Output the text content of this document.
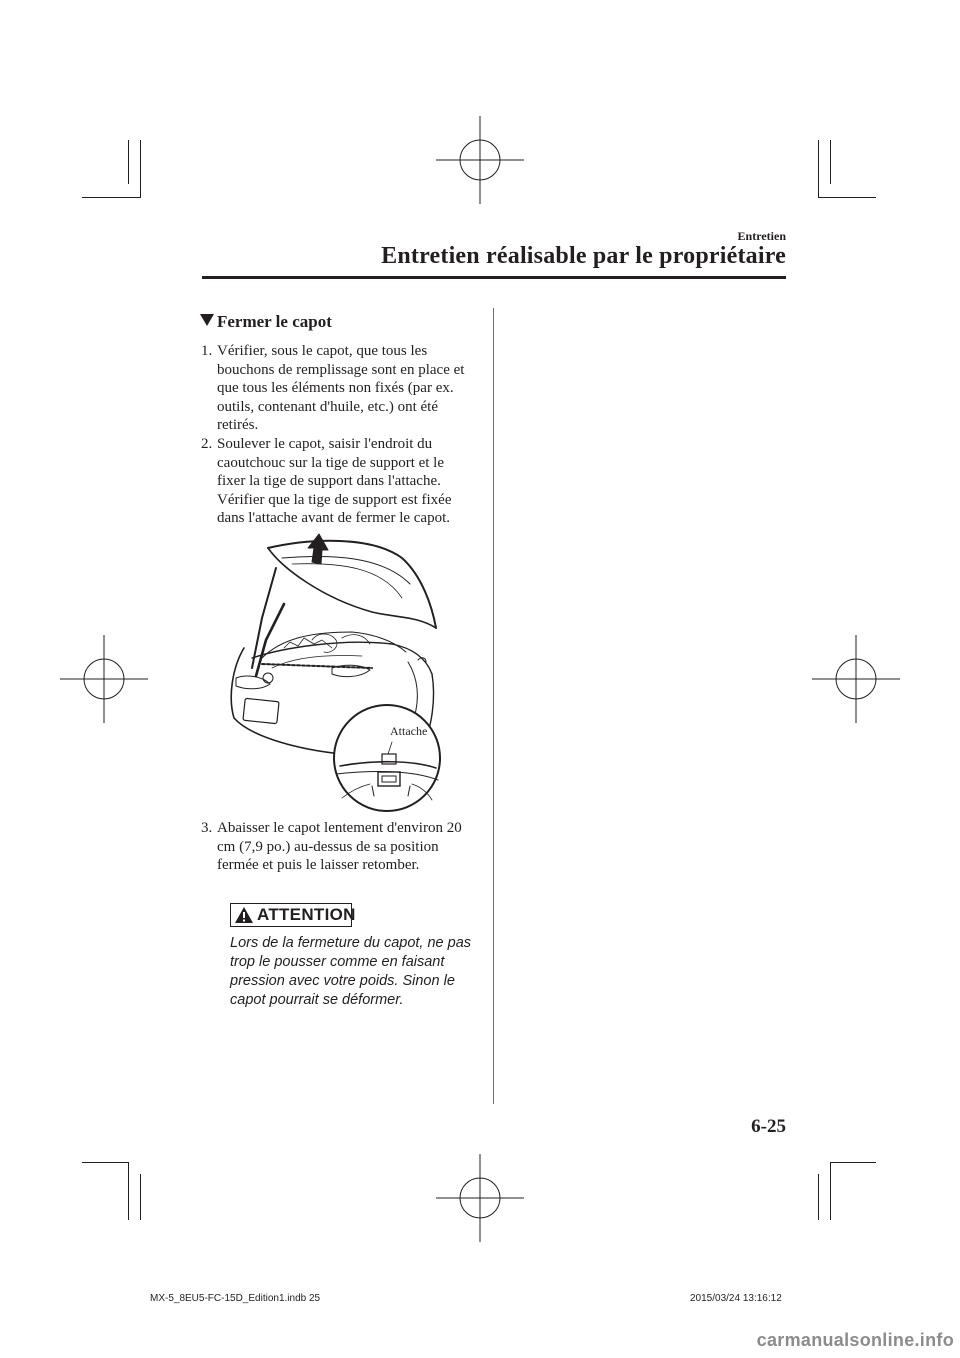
Entretien
Entretien réalisable par le propriétaire
Fermer le capot
1. Vérifier, sous le capot, que tous les bouchons de remplissage sont en place et que tous les éléments non fixés (par ex. outils, contenant d'huile, etc.) ont été retirés.
2. Soulever le capot, saisir l'endroit du caoutchouc sur la tige de support et le fixer la tige de support dans l'attache. Vérifier que la tige de support est fixée dans l'attache avant de fermer le capot.
Attache
3. Abaisser le capot lentement d'environ 20 cm (7,9 po.) au-dessus de sa position fermée et puis le laisser retomber.
ATTENTION
Lors de la fermeture du capot, ne pas trop le pousser comme en faisant pression avec votre poids. Sinon le capot pourrait se déformer.
6-25
MX-5_8EU5-FC-15D_Edition1.indb 25	2015/03/24 13:16:12
carmanualsonline.info
